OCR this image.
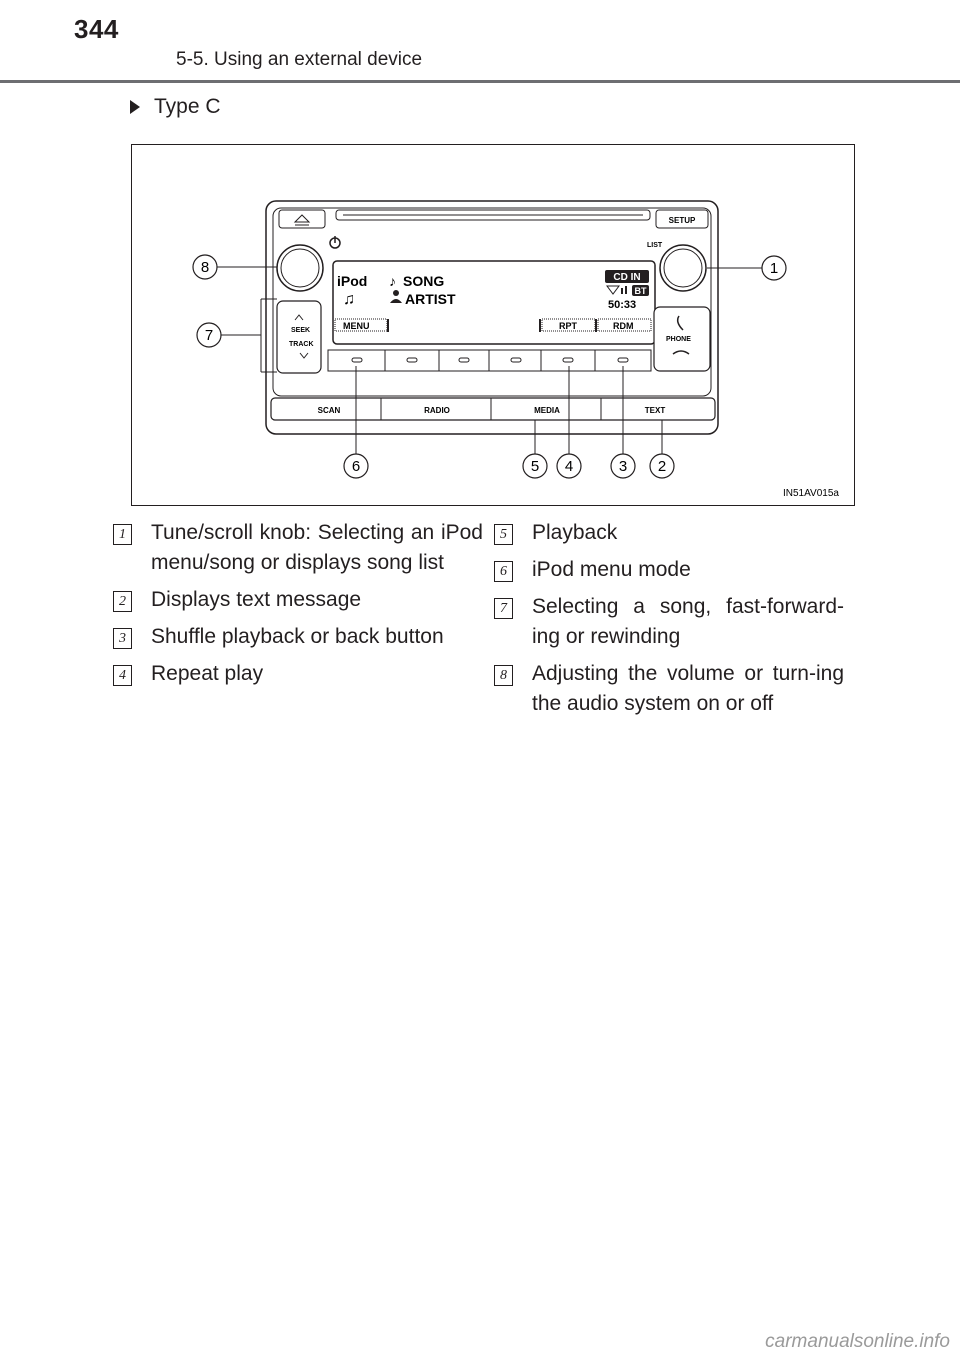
344
5-5. Using an external device
Type C
SETUP
LIST
iPod ♪ SONG
♫	ARTIST
CD IN
BT
50:33
MENU	RPT	RDM
SEEK
TRACK
PHONE
SCAN	RADIO	MEDIA	TEXT
8	1
7
6	5 4	3 2
IN51AV015a
1 Tune/scroll knob: Selecting an iPod menu/song or displays song list
2 Displays text message
3 Shuffle playback or back button
4 Repeat play
5 Playback
6 iPod menu mode
7 Selecting a song, fast-forward-ing or rewinding
8 Adjusting the volume or turn-ing the audio system on or off
carmanualsonline.info
